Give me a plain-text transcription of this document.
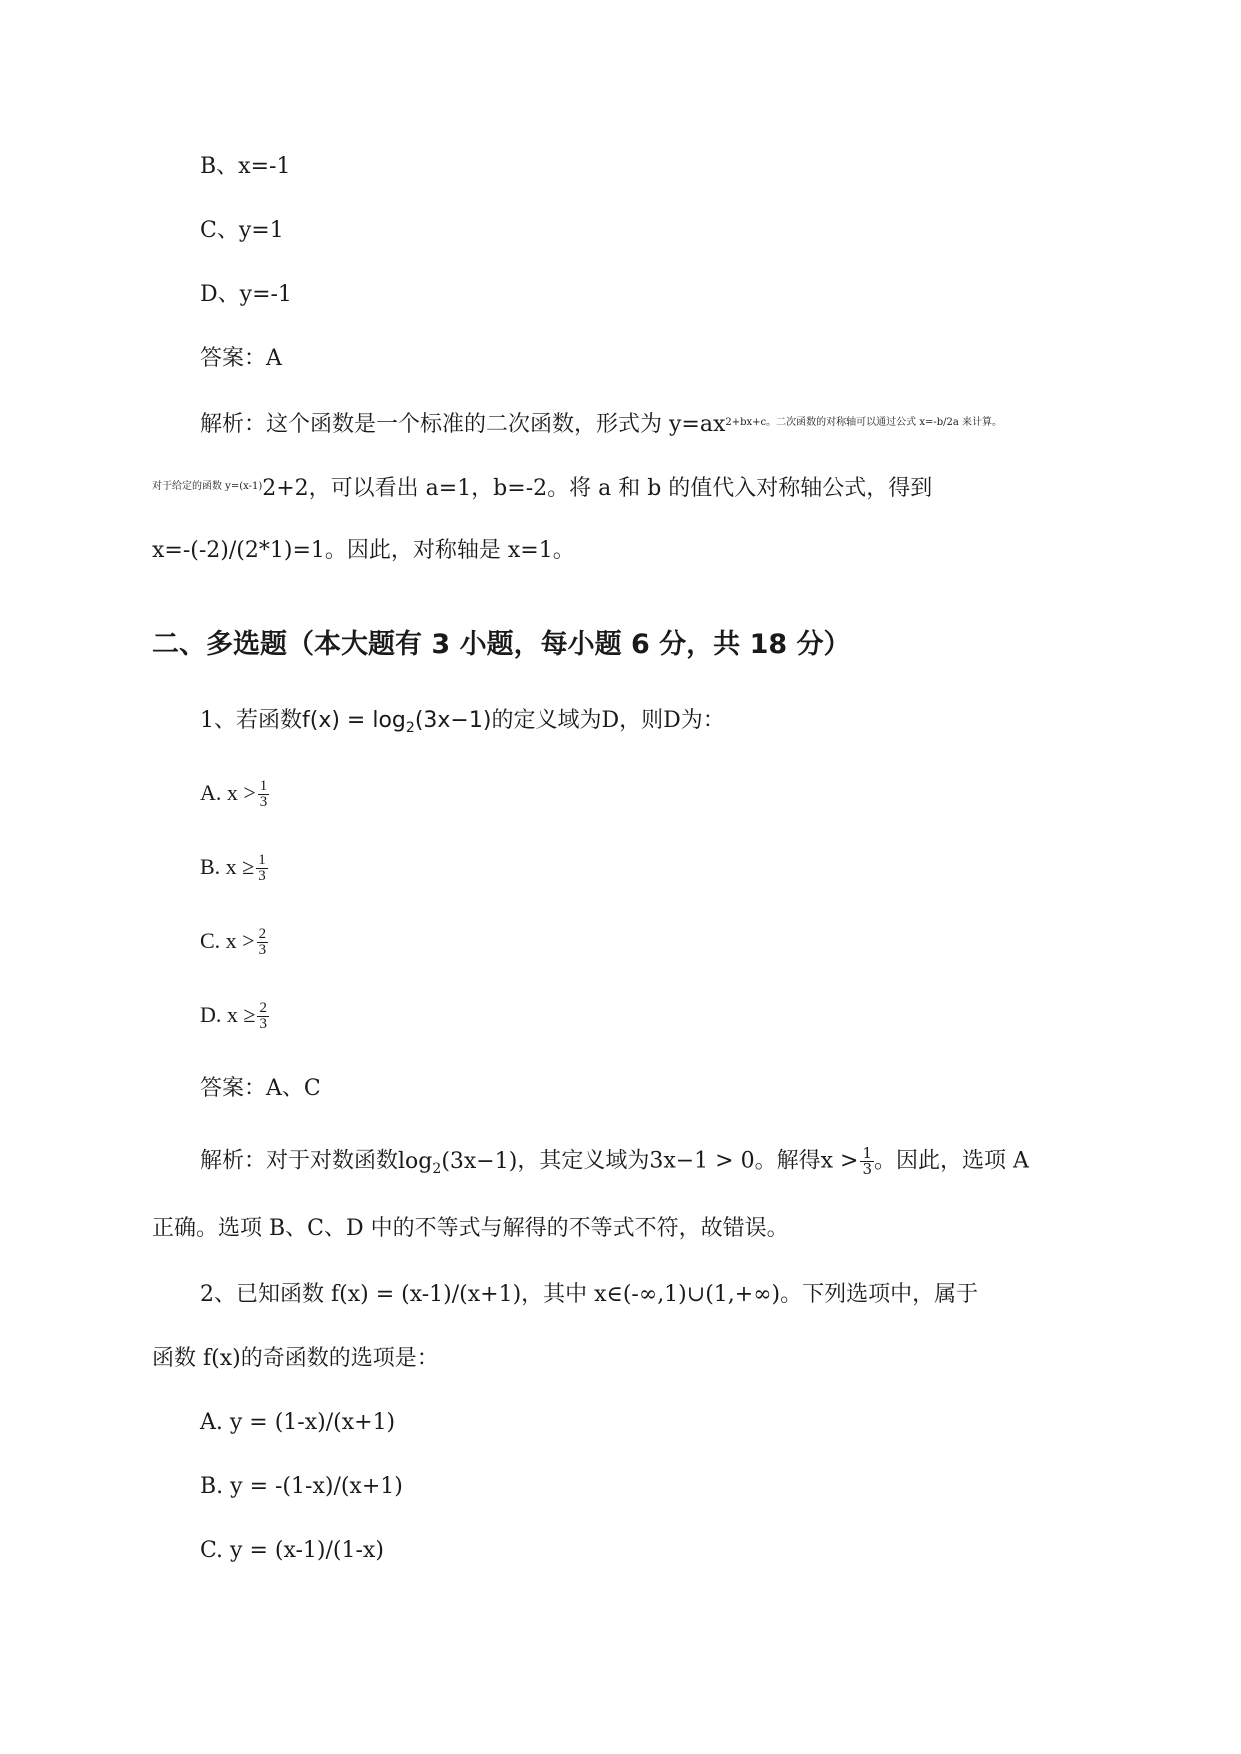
B、x=-1
C、y=1
D、y=-1
答案：A
解析：这个函数是一个标准的二次函数，形式为 $y=ax^{2+bx+c。二次函数的对称轴可以通过公式 x=-b/2a 来计算。}$
$^{对于给定的函数 y=(x-1)}$2+2，可以看出 a=1，b=-2。将 a 和 b 的值代入对称轴公式，得到
x=-(-2)/(2*1)=1。因此，对称轴是 x=1。
二、多选题（本大题有 3 小题，每小题 6 分，共 18 分）
1、若函数$f(x) = \log_2(3x-1)$的定义域为D，则D为：
A. $x > \frac{1}{3}$
B. $x \ge \frac{1}{3}$
C. $x > \frac{2}{3}$
D. $x \ge \frac{2}{3}$
答案：A、C
解析：对于对数函数$\log_2(3x-1)$，其定义域为3x−1 > 0。解得$x > \frac{1}{3}$ 。因此，选项 A
正确。选项 B、C、D 中的不等式与解得的不等式不符，故错误。
2、已知函数 f(x) = (x-1)/(x+1)，其中 x∈(-∞,1)∪(1,+∞)。下列选项中，属于
函数 f(x)的奇函数的选项是：
A. y = (1-x)/(x+1)
B. y = -(1-x)/(x+1)
C. y = (x-1)/(1-x)
